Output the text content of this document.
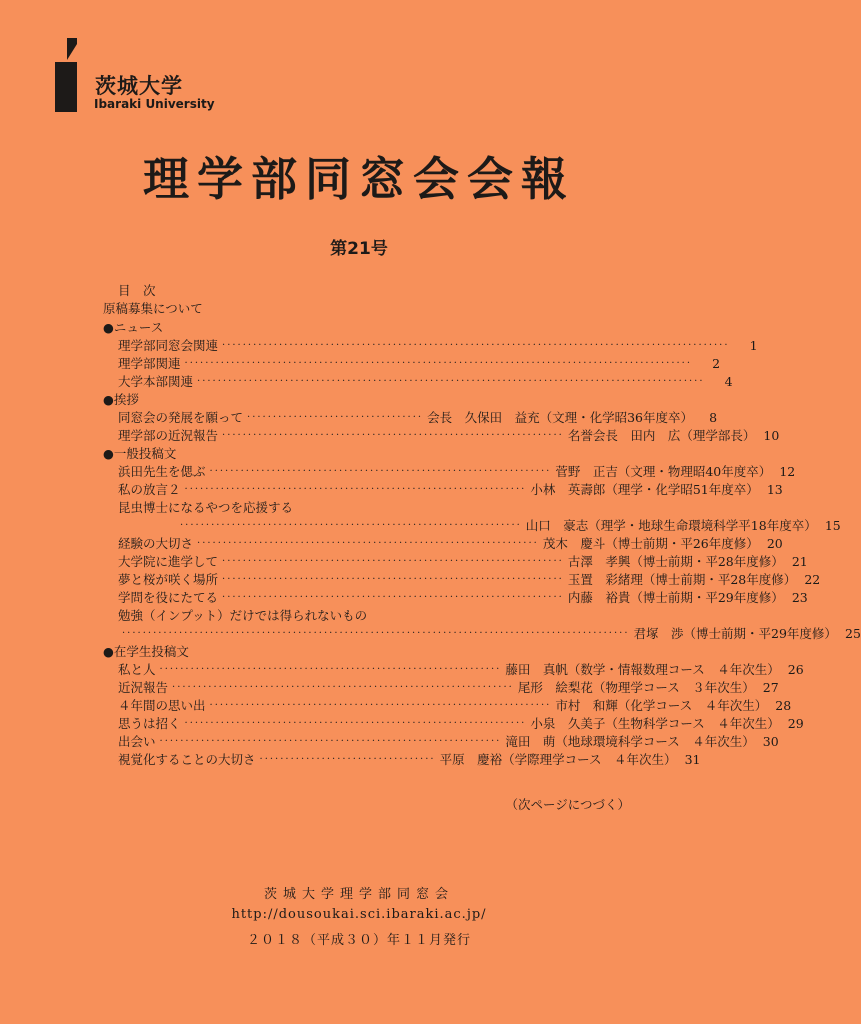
茨城大学
Ibaraki University
理学部同窓会会報
第21号
目　次
原稿募集について
●ニュース
理学部同窓会関連 ··································································································	1
理学部関連 ··································································································	2
大学本部関連 ··································································································	4
●挨拶
同窓会の発展を願って ·································· 会長　久保田　益充（文理・化学昭36年度卒）	8
理学部の近況報告 ·································································· 名誉会長　田内　広（理学部長） 10
●一般投稿文
浜田先生を偲ぶ ·································································· 菅野　正吉（文理・物理昭40年度卒） 12
私の放言２ ·································································· 小林　英壽郎（理学・化学昭51年度卒） 13
昆虫博士になるやつを応援する
·································································· 山口　豪志（理学・地球生命環境科学平18年度卒） 15
経験の大切さ ·································································· 茂木　慶斗（博士前期・平26年度修） 20
大学院に進学して ·································································· 古澤　孝興（博士前期・平28年度修） 21
夢と桜が咲く場所 ·································································· 玉置　彩緒理（博士前期・平28年度修） 22
学問を役にたてる ·································································· 内藤　裕貴（博士前期・平29年度修） 23
勉強（インプット）だけでは得られないもの
·································································································· 君塚　渉（博士前期・平29年度修） 25
●在学生投稿文
私と人 ·································································· 藤田　真帆（数学・情報数理コース　４年次生） 26
近況報告 ·································································· 尾形　絵梨花（物理学コース　３年次生） 27
４年間の思い出 ·································································· 市村　和輝（化学コース　４年次生） 28
思うは招く ·································································· 小泉　久美子（生物科学コース　４年次生） 29
出会い ·································································· 滝田　萌（地球環境科学コース　４年次生） 30
視覚化することの大切さ ·································· 平原　慶裕（学際理学コース　４年次生） 31
（次ページにつづく）
茨城大学理学部同窓会
http://dousoukai.sci.ibaraki.ac.jp/
２０１８（平成３０）年１１月発行
